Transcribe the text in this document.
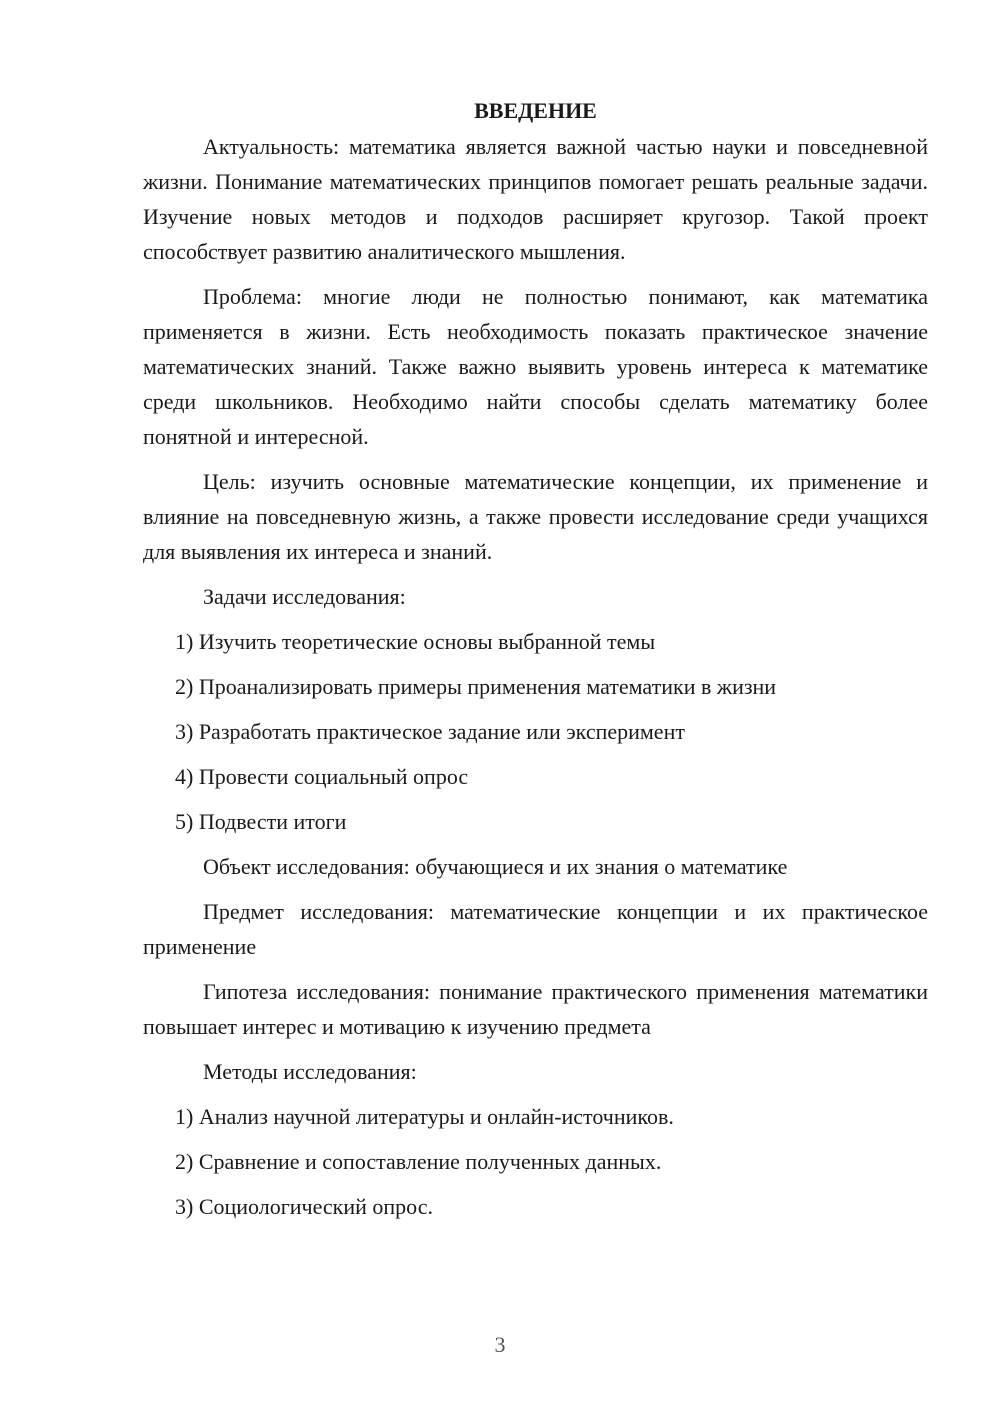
ВВЕДЕНИЕ

Актуальность: математика является важной частью науки и повседневной жизни. Понимание математических принципов помогает решать реальные задачи. Изучение новых методов и подходов расширяет кругозор. Такой проект способствует развитию аналитического мышления.

Проблема: многие люди не полностью понимают, как математика применяется в жизни. Есть необходимость показать практическое значение математических знаний. Также важно выявить уровень интереса к математике среди школьников. Необходимо найти способы сделать математику более понятной и интересной.

Цель: изучить основные математические концепции, их применение и влияние на повседневную жизнь, а также провести исследование среди учащихся для выявления их интереса и знаний.

Задачи исследования:
1) Изучить теоретические основы выбранной темы
2) Проанализировать примеры применения математики в жизни
3) Разработать практическое задание или эксперимент
4) Провести социальный опрос
5) Подвести итоги
Объект исследования: обучающиеся и их знания о математике

Предмет исследования: математические концепции и их практическое применение

Гипотеза исследования: понимание практического применения математики повышает интерес и мотивацию к изучению предмета

Методы исследования:
1) Анализ научной литературы и онлайн-источников.
2) Сравнение и сопоставление полученных данных.
3) Социологический опрос.
3
